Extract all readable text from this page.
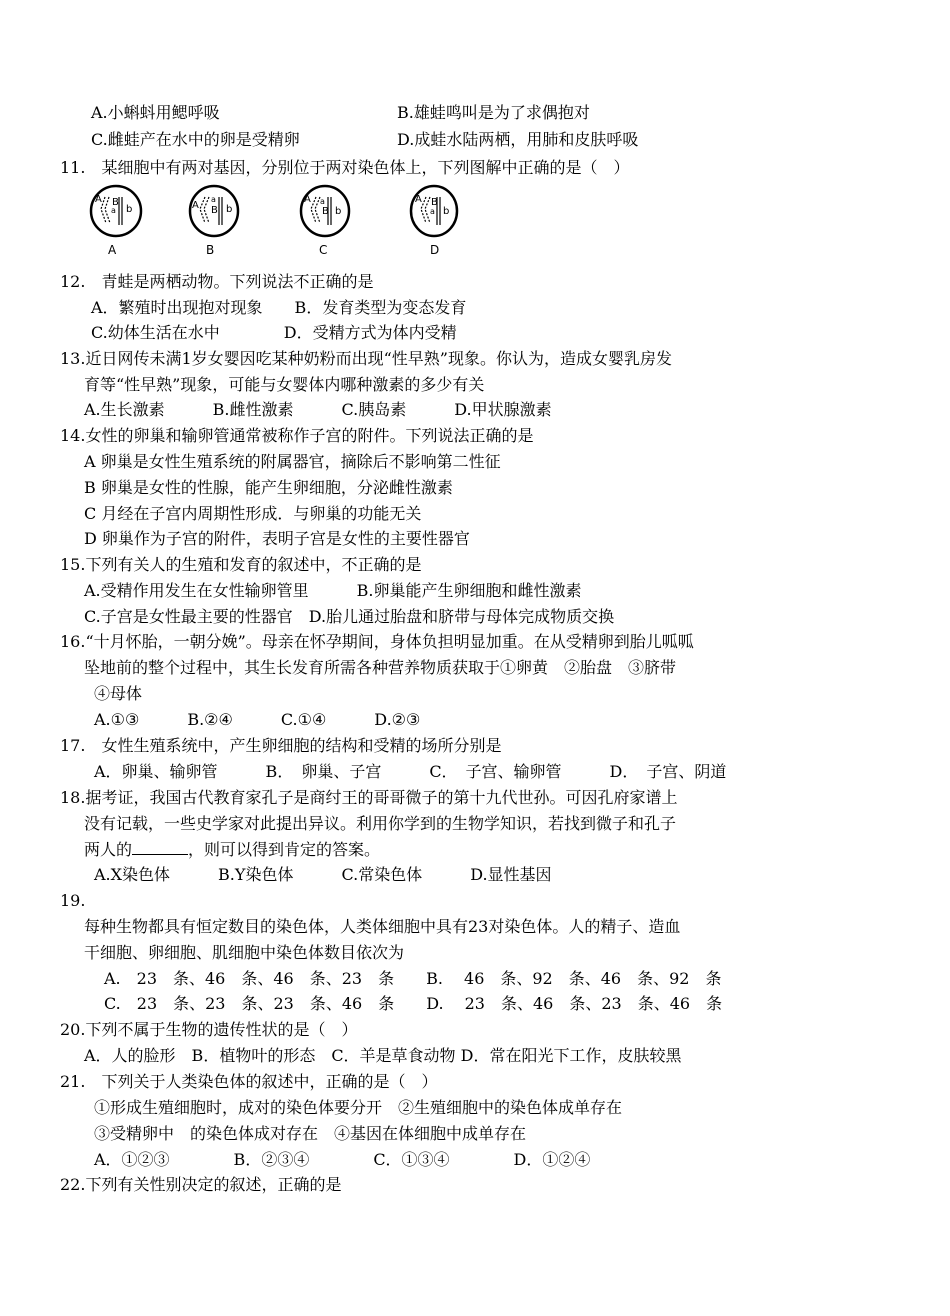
A.小蝌蚪用鳃呼吸	B.雄蛙鸣叫是为了求偶抱对
C.雌蛙产在水中的卵是受精卵	D.成蛙水陆两栖，用肺和皮肤呼吸
11.　某细胞中有两对基因，分别位于两对染色体上，下列图解中正确的是（　）
A
a
B
b
A
A
a
B b
B
A a
B b
C
A
a
B
b
D
12.　青蛙是两栖动物。下列说法不正确的是
A．繁殖时出现抱对现象　　B．发育类型为变态发育
C.幼体生活在水中　　　　D．受精方式为体内受精
13.近日网传未满1岁女婴因吃某种奶粉而出现“性早熟”现象。你认为，造成女婴乳房发
育等“性早熟”现象，可能与女婴体内哪种激素的多少有关
A.生长激素　　　B.雌性激素　　　C.胰岛素　　　D.甲状腺激素
14.女性的卵巢和输卵管通常被称作子宫的附件。下列说法正确的是
A 卵巢是女性生殖系统的附属器官，摘除后不影响第二性征
B 卵巢是女性的性腺，能产生卵细胞，分泌雌性激素
C 月经在子宫内周期性形成．与卵巢的功能无关
D 卵巢作为子宫的附件，表明子宫是女性的主要性器官
15.下列有关人的生殖和发育的叙述中，不正确的是
A.受精作用发生在女性输卵管里　　　B.卵巢能产生卵细胞和雌性激素
C.子宫是女性最主要的性器官　D.胎儿通过胎盘和脐带与母体完成物质交换
16.“十月怀胎，一朝分娩”。母亲在怀孕期间，身体负担明显加重。在从受精卵到胎儿呱呱
坠地前的整个过程中，其生长发育所需各种营养物质获取于①卵黄　②胎盘　③脐带
④母体
A.①③　　　B.②④　　　C.①④　　　D.②③
17.　女性生殖系统中，产生卵细胞的结构和受精的场所分别是
A．卵巢、输卵管　　　B．　卵巢、子宫　　　C．　子宫、输卵管　　　D．　子宫、阴道
18.据考证，我国古代教育家孔子是商纣王的哥哥微子的第十九代世孙。可因孔府家谱上
没有记载，一些史学家对此提出异议。利用你学到的生物学知识，若找到微子和孔子
两人的	，则可以得到肯定的答案。
A.X染色体　　　B.Y染色体　　　C.常染色体　　　D.显性基因
19.
每种生物都具有恒定数目的染色体，人类体细胞中具有23对染色体。人的精子、造血
干细胞、卵细胞、肌细胞中染色体数目依次为
A.　23　条、46　条、46　条、23　条　　B.　 46　条、92　条、46　条、92　条
C.　23　条、23　条、23　条、46　条　　D.　 23　条、46　条、23　条、46　条
20.下列不属于生物的遗传性状的是（　）
A．人的脸形　B．植物叶的形态　C．羊是草食动物 D．常在阳光下工作，皮肤较黑
21.　下列关于人类染色体的叙述中，正确的是（　）
①形成生殖细胞时，成对的染色体要分开　②生殖细胞中的染色体成单存在
③受精卵中　的染色体成对存在　④基因在体细胞中成单存在
A．①②③　　　　B．②③④　　　　C．①③④　　　　D．①②④
22.下列有关性别决定的叙述，正确的是
